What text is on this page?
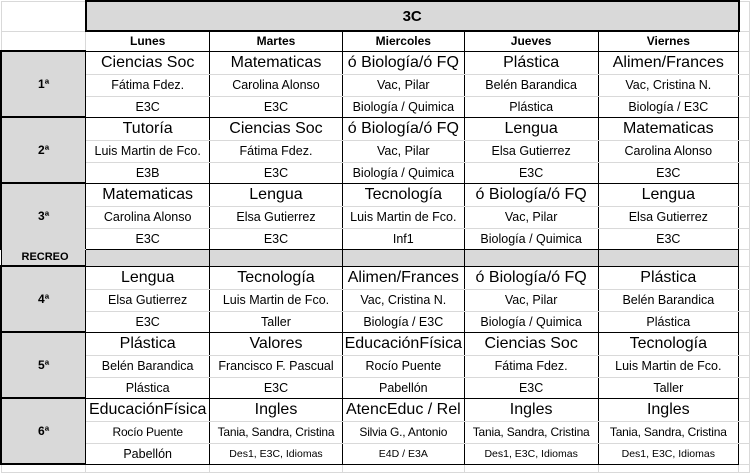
	3C					
	Lunes	Martes	Miercoles	Jueves	Viernes	
1ª	Ciencias Soc	Matematicas	ó Biología/ó FQ	Plástica	Alimen/Frances	
	Fátima Fdez.	Carolina Alonso	Vac, Pilar	Belén Barandica	Vac, Cristina N.	
	E3C	E3C	Biología / Quimica	Plástica	Biología / E3C	
2ª	Tutoría	Ciencias Soc	ó Biología/ó FQ	Lengua	Matematicas	
	Luis Martin de Fco.	Fátima Fdez.	Vac, Pilar	Elsa Gutierrez	Carolina Alonso	
	E3B	E3C	Biología / Quimica	E3C	E3C	
3ª	Matematicas	Lengua	Tecnología	ó Biología/ó FQ	Lengua	
	Carolina Alonso	Elsa Gutierrez	Luis Martin de Fco.	Vac, Pilar	Elsa Gutierrez	
	E3C	E3C	Inf1	Biología / Quimica	E3C	
RECREO						
4ª	Lengua	Tecnología	Alimen/Frances	ó Biología/ó FQ	Plástica	
	Elsa Gutierrez	Luis Martin de Fco.	Vac, Cristina N.	Vac, Pilar	Belén Barandica	
	E3C	Taller	Biología / E3C	Biología / Quimica	Plástica	
5ª	Plástica	Valores	EducaciónFísica	Ciencias Soc	Tecnología	
	Belén Barandica	Francisco F. Pascual	Rocío Puente	Fátima Fdez.	Luis Martin de Fco.	
	Plástica	E3C	Pabellón	E3C	Taller	
6ª	EducaciónFísica	Ingles	AtencEduc / Rel	Ingles	Ingles	
	Rocío Puente	Tania, Sandra, Cristina	Silvia G., Antonio	Tania, Sandra, Cristina	Tania, Sandra, Cristina	
	Pabellón	Des1, E3C, Idiomas	E4D / E3A	Des1, E3C, Idiomas	Des1, E3C, Idiomas	
